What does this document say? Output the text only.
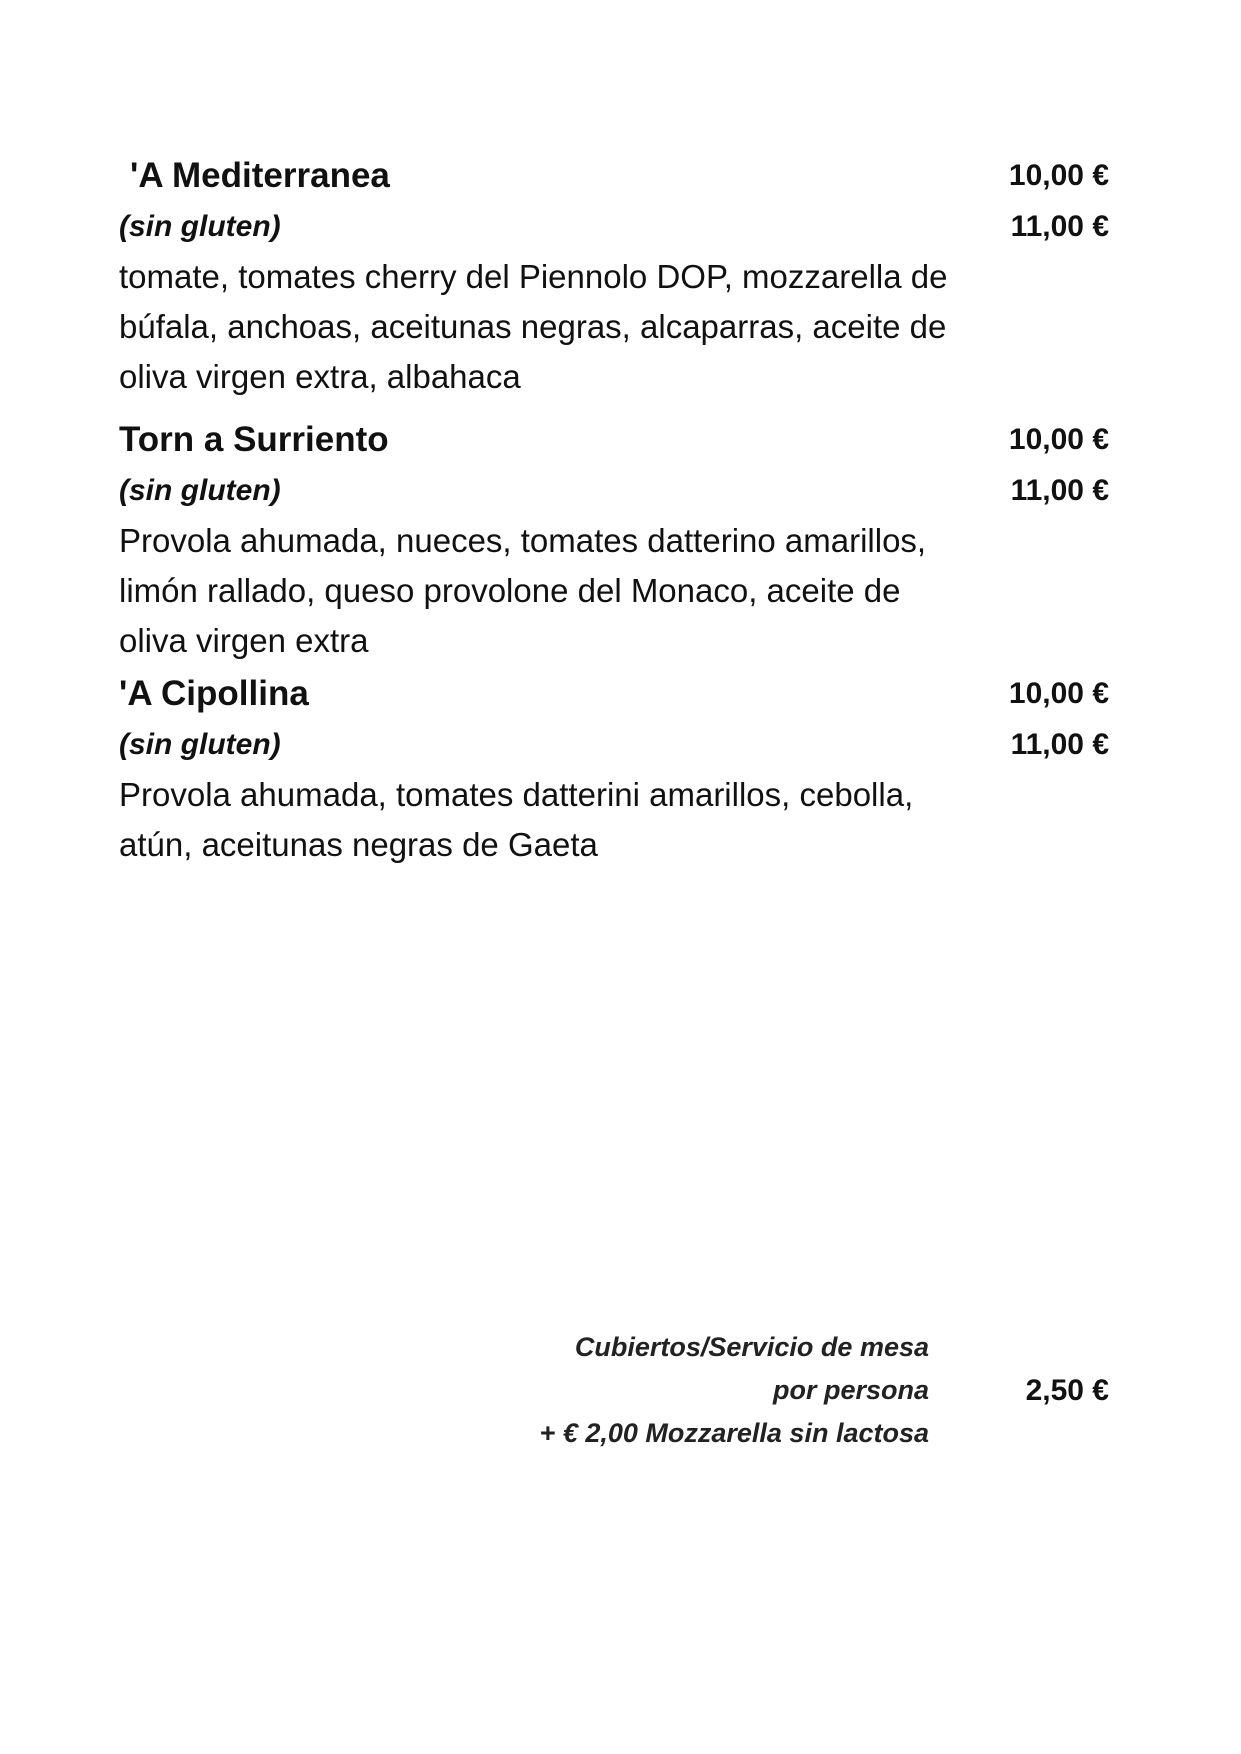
'A Mediterranea	10,00 €
(sin gluten)	11,00 €
tomate, tomates cherry del Piennolo DOP, mozzarella de búfala, anchoas, aceitunas negras, alcaparras, aceite de oliva virgen extra, albahaca
Torn a Surriento	10,00 €
(sin gluten)	11,00 €
Provola ahumada, nueces, tomates datterino amarillos, limón rallado, queso provolone del Monaco, aceite de oliva virgen extra
'A Cipollina	10,00 €
(sin gluten)	11,00 €
Provola ahumada, tomates datterini amarillos, cebolla, atún, aceitunas negras de Gaeta
Cubiertos/Servicio de mesa
por persona
+ € 2,00 Mozzarella sin lactosa
2,50 €
